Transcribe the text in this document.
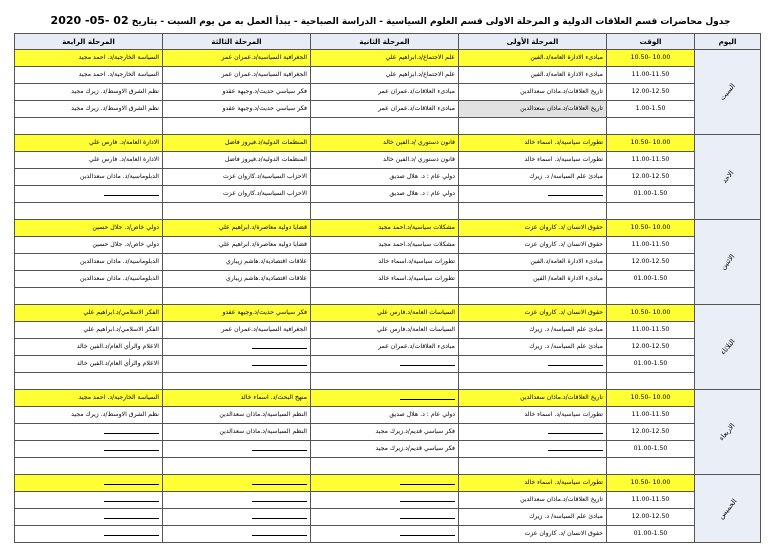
جدول محاضرات قسم العلاقات الدولية و المرحلة الاولى قسم العلوم السياسية - الدراسة الصباحية - يبدأ العمل به من يوم السبت - بتاريخ 02 -05- 2020
اليوم	الوقت	المرحلة الأولى	المرحلة الثانية	المرحلة الثالثة	المرحلة الرابعة
السبت	10.00 -10.50	مبادىء الادارة العامة/د.الفين	علم الاجتماع/د.ابراهيم علي	الجغرافية السياسية/د.عمران عمر	السياسة الخارجية/د. احمد مجيد
	11.00-11.50	مبادىء الادارة العامة/د.الفين	علم الاجتماع/د.ابراهيم علي	الجغرافية السياسية/د.عمران عمر	السياسة الخارجية/د. احمد مجيد
	12.00-12.50	تاريخ العلاقات/د.ماذان سعدالدين	مبادىء العلاقات/د.عمران عمر	فكر سياسي حديث/د.وجيهة عقدو	نظم الشرق الاوسط/د. زيرك مجيد
	1.00-1.50	تاريخ العلاقات/د.ماذان سعدالدين	مبادىء العلاقات/د.عمران عمر	فكر سياسي حديث/د.وجيهة عقدو	نظم الشرق الاوسط/د. زيرك مجيد

الاحد	10.00 -10.50	تطورات سياسية/د. اسماء خالد	قانون دستوري /د.الفين خالد	المنظمات الدولية/د.فيروز فاضل	الادارة العامة/د. فارس علي
	11.00-11.50	تطورات سياسية/د. اسماء خالد	قانون دستوري /د.الفين خالد	المنظمات الدولية/د.فيروز فاضل	الادارة العامة/د. فارس علي
	12.00-12.50	مبادئ علم السياسة/ د. زيرك	دولي عام : د. هلال صديق	الاحزاب السياسية/د.كاروان عزت	الدبلوماسية/د. ماذان سعدالدين
	01.00-1.50		دولي عام : د. هلال صديق	الاحزاب السياسية/د.كاروان عزت	

الاثنين	10.00 -10.50	حقوق الانسان /د. كاروان عزت	مشكلات سياسية/د.احمد مجيد	قضايا دولية معاصرة/د.ابراهيم علي	دولي خاص/د. جلال حسين
	11.00-11.50	حقوق الانسان /د. كاروان عزت	مشكلات سياسية/د.احمد مجيد	قضايا دولية معاصرة/د.ابراهيم علي	دولي خاص/د. جلال حسين
	12.00-12.50	مبادىء الادارة العامة/د.الفين	تطورات سياسية/د.اسماء خالد	علاقات اقتصادية/د.هاشم زيباري	الدبلوماسية/د. ماذان سعدالدين
	01.00-1.50	مبادىء الادارة العامة/ الفين	تطورات سياسية/د.اسماء خالد	علاقات اقتصادية/د.هاشم زيباري	الدبلوماسية/د. ماذان سعدالدين

الثلاثاء	10.00 -10.50	حقوق الانسان /د. كاروان عزت	السياسات العامة/د.فارس علي	فكر سياسي حديث/د.وجيهة عقدو	الفكر الاسلامي/د.ابراهيم علي
	11.00-11.50	مبادئ علم السياسة/ د. زيرك	السياسات العامة/د.فارس علي	الجغرافية السياسية/د.عمران عمر	الفكر الاسلامي/د.ابراهيم علي
	12.00-12.50	مبادئ علم السياسة/ د. زيرك	مبادىء العلاقات/د.عمران عمر		الاعلام والرأي العام/د.الفين خالد
	01.00-1.50				الاعلام والرأي العام/د.الفين خالد

الاربعاء	10.00 -10.50	تاريخ العلاقات/د.ماذان سعدالدين		منهج البحث/د. اسماء خالد	السياسة الخارجية/د. احمد مجيد
	11.00-11.50	تطورات سياسية/د. اسماء خالد	دولي عام : د. هلال صديق	النظم السياسية/د.ماذان سعدالدين	نظم الشرق الاوسط/د. زيرك مجيد
	12.00-12.50		فكر سياسي قديم/د.زيرك مجيد	النظم السياسية/د.ماذان سعدالدين	
	01.00-1.50		فكر سياسي قديم/د.زيرك مجيد		

الخميس	10.00 -10.50	تطورات سياسية/د. اسماء خالد			
	11.00-11.50	تاريخ العلاقات/د.ماذان سعدالدين			
	12.00-12.50	مبادئ علم السياسة/ د. زيرك			
	01.00-1.50	حقوق الانسان /د. كاروان عزت			
